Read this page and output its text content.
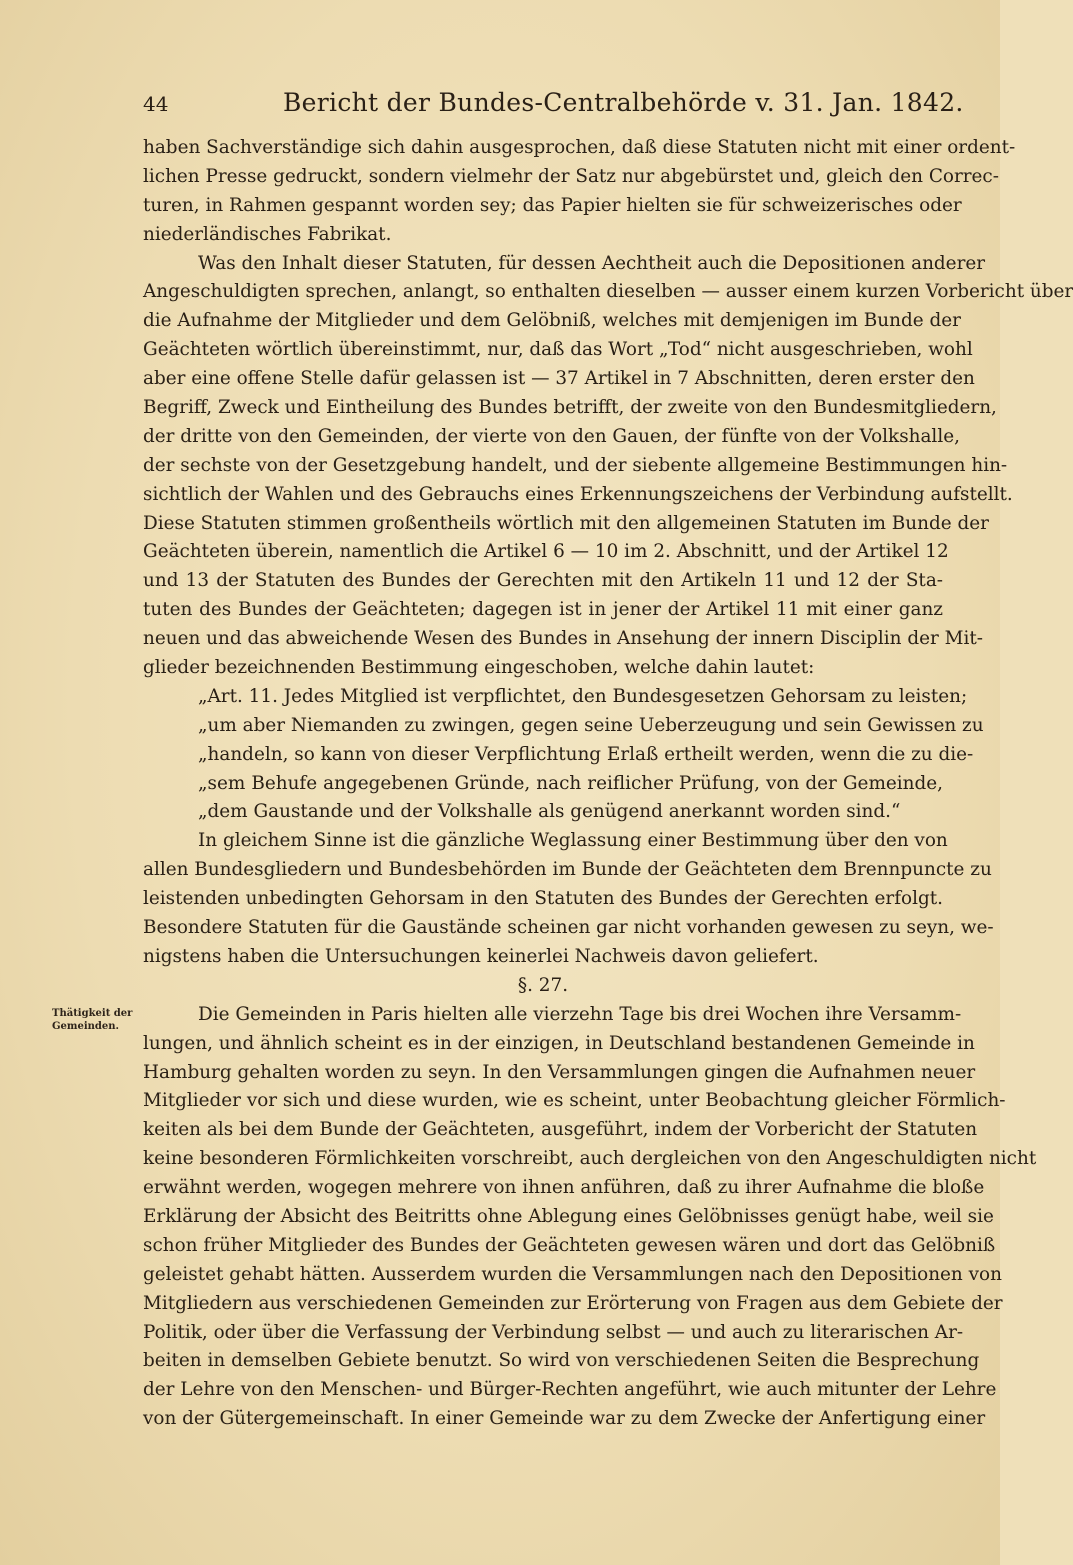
44	Bericht der Bundes-Centralbehörde v. 31. Jan. 1842.
Thätigkeit der Gemeinden.
haben Sachverständige sich dahin ausgesprochen, daß diese Statuten nicht mit einer ordent-
lichen Presse gedruckt, sondern vielmehr der Satz nur abgebürstet und, gleich den Correc-
turen, in Rahmen gespannt worden sey; das Papier hielten sie für schweizerisches oder
niederländisches Fabrikat.
Was den Inhalt dieser Statuten, für dessen Aechtheit auch die Depositionen anderer
Angeschuldigten sprechen, anlangt, so enthalten dieselben — ausser einem kurzen Vorbericht über
die Aufnahme der Mitglieder und dem Gelöbniß, welches mit demjenigen im Bunde der
Geächteten wörtlich übereinstimmt, nur, daß das Wort „Tod“ nicht ausgeschrieben, wohl
aber eine offene Stelle dafür gelassen ist — 37 Artikel in 7 Abschnitten, deren erster den
Begriff, Zweck und Eintheilung des Bundes betrifft, der zweite von den Bundesmitgliedern,
der dritte von den Gemeinden, der vierte von den Gauen, der fünfte von der Volkshalle,
der sechste von der Gesetzgebung handelt, und der siebente allgemeine Bestimmungen hin-
sichtlich der Wahlen und des Gebrauchs eines Erkennungszeichens der Verbindung aufstellt.
Diese Statuten stimmen großentheils wörtlich mit den allgemeinen Statuten im Bunde der
Geächteten überein, namentlich die Artikel 6 — 10 im 2. Abschnitt, und der Artikel 12
und 13 der Statuten des Bundes der Gerechten mit den Artikeln 11 und 12 der Sta-
tuten des Bundes der Geächteten; dagegen ist in jener der Artikel 11 mit einer ganz
neuen und das abweichende Wesen des Bundes in Ansehung der innern Disciplin der Mit-
glieder bezeichnenden Bestimmung eingeschoben, welche dahin lautet:
„Art. 11. Jedes Mitglied ist verpflichtet, den Bundesgesetzen Gehorsam zu leisten;
„um aber Niemanden zu zwingen, gegen seine Ueberzeugung und sein Gewissen zu
„handeln, so kann von dieser Verpflichtung Erlaß ertheilt werden, wenn die zu die-
„sem Behufe angegebenen Gründe, nach reiflicher Prüfung, von der Gemeinde,
„dem Gaustande und der Volkshalle als genügend anerkannt worden sind.“
In gleichem Sinne ist die gänzliche Weglassung einer Bestimmung über den von
allen Bundesgliedern und Bundesbehörden im Bunde der Geächteten dem Brennpuncte zu
leistenden unbedingten Gehorsam in den Statuten des Bundes der Gerechten erfolgt.
Besondere Statuten für die Gaustände scheinen gar nicht vorhanden gewesen zu seyn, we-
nigstens haben die Untersuchungen keinerlei Nachweis davon geliefert.
§. 27.
Die Gemeinden in Paris hielten alle vierzehn Tage bis drei Wochen ihre Versamm-
lungen, und ähnlich scheint es in der einzigen, in Deutschland bestandenen Gemeinde in
Hamburg gehalten worden zu seyn. In den Versammlungen gingen die Aufnahmen neuer
Mitglieder vor sich und diese wurden, wie es scheint, unter Beobachtung gleicher Förmlich-
keiten als bei dem Bunde der Geächteten, ausgeführt, indem der Vorbericht der Statuten
keine besonderen Förmlichkeiten vorschreibt, auch dergleichen von den Angeschuldigten nicht
erwähnt werden, wogegen mehrere von ihnen anführen, daß zu ihrer Aufnahme die bloße
Erklärung der Absicht des Beitritts ohne Ablegung eines Gelöbnisses genügt habe, weil sie
schon früher Mitglieder des Bundes der Geächteten gewesen wären und dort das Gelöbniß
geleistet gehabt hätten. Ausserdem wurden die Versammlungen nach den Depositionen von
Mitgliedern aus verschiedenen Gemeinden zur Erörterung von Fragen aus dem Gebiete der
Politik, oder über die Verfassung der Verbindung selbst — und auch zu literarischen Ar-
beiten in demselben Gebiete benutzt. So wird von verschiedenen Seiten die Besprechung
der Lehre von den Menschen- und Bürger-Rechten angeführt, wie auch mitunter der Lehre
von der Gütergemeinschaft. In einer Gemeinde war zu dem Zwecke der Anfertigung einer
